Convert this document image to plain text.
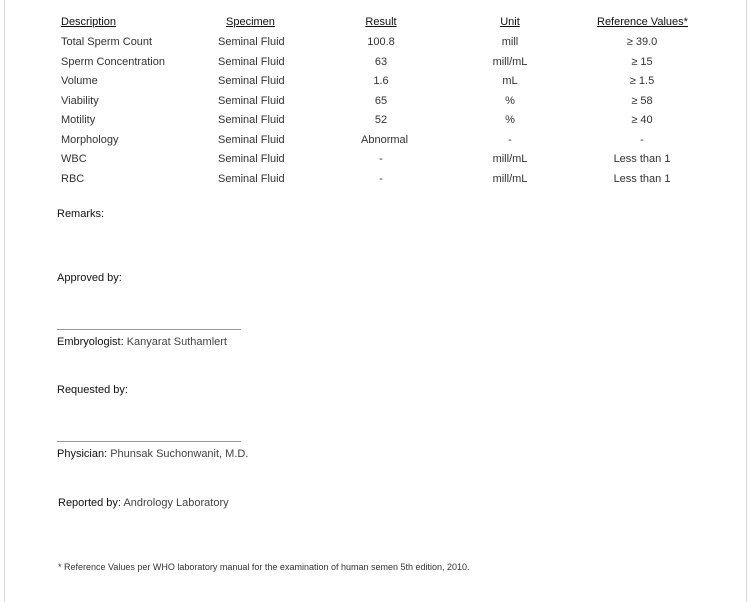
Description	Specimen	Result	Unit	Reference Values*
Total Sperm Count	Seminal Fluid	100.8	mill	≥ 39.0
Sperm Concentration	Seminal Fluid	63	mill/mL	≥ 15
Volume	Seminal Fluid	1.6	mL	≥ 1.5
Viability	Seminal Fluid	65	%	≥ 58
Motility	Seminal Fluid	52	%	≥ 40
Morphology	Seminal Fluid	Abnormal	-	-
WBC	Seminal Fluid	-	mill/mL	Less than 1
RBC	Seminal Fluid	-	mill/mL	Less than 1
Remarks:
Approved by:
Embryologist: Kanyarat Suthamlert
Requested by:
Physician: Phunsak Suchonwanit, M.D.
Reported by: Andrology Laboratory
* Reference Values per WHO laboratory manual for the examination of human semen 5th edition, 2010.
